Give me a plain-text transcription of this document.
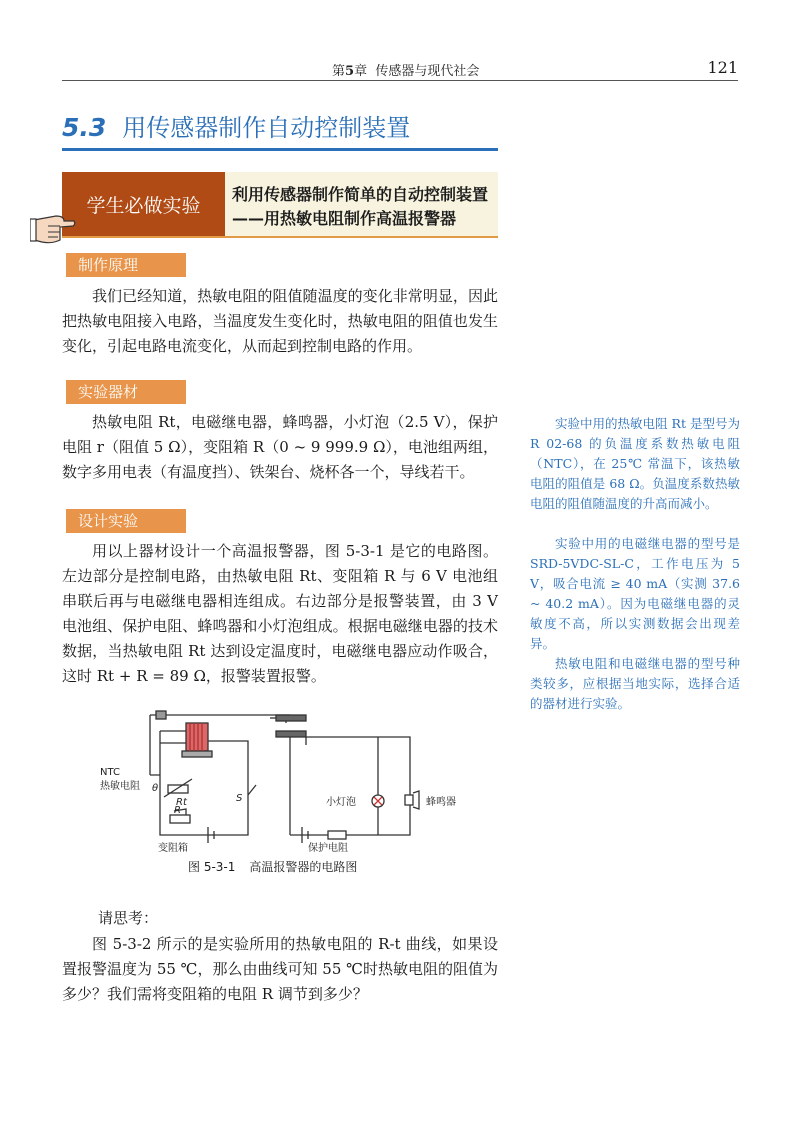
第5章 传感器与现代社会	121
5.3 用传感器制作自动控制装置
学生必做实验	利用传感器制作简单的自动控制装置
——用热敏电阻制作高温报警器
制作原理

我们已经知道，热敏电阻的阻值随温度的变化非常明显，因此把热敏电阻接入电路，当温度发生变化时，热敏电阻的阻值也发生变化，引起电路电流变化，从而起到控制电路的作用。

实验器材

热敏电阻 Rt，电磁继电器，蜂鸣器，小灯泡（2.5 V），保护电阻 r（阻值 5 Ω），变阻箱 R（0 ~ 9 999.9 Ω），电池组两组，数字多用电表（有温度挡）、铁架台、烧杯各一个，导线若干。

设计实验

用以上器材设计一个高温报警器，图 5-3-1 是它的电路图。左边部分是控制电路，由热敏电阻 Rt、变阻箱 R 与 6 V 电池组串联后再与电磁继电器相连组成。右边部分是报警装置，由 3 V 电池组、保护电阻、蜂鸣器和小灯泡组成。根据电磁继电器的技术数据，当热敏电阻 Rt 达到设定温度时，电磁继电器应动作吸合，这时 Rt + R = 89 Ω，报警装置报警。

实验中用的热敏电阻 Rt 是型号为 R 02-68 的负温度系数热敏电阻（NTC），在 25℃ 常温下，该热敏电阻的阻值是 68 Ω。负温度系数热敏电阻的阻值随温度的升高而减小。

实验中用的电磁继电器的型号是 SRD-5VDC-SL-C，工作电压为 5 V，吸合电流 ≥ 40 mA（实测 37.6 ~ 40.2 mA）。因为电磁继电器的灵敏度不高，所以实测数据会出现差异。

热敏电阻和电磁继电器的型号种类较多，应根据当地实际，选择合适的器材进行实验。

NTC
热敏电阻 θ
Rt
R
变阻箱
S	小灯泡	蜂鸣器
保护电阻
图 5-3-1 高温报警器的电路图
请思考：

图 5-3-2 所示的是实验所用的热敏电阻的 R-t 曲线，如果设置报警温度为 55 ℃，那么由曲线可知 55 ℃时热敏电阻的阻值为多少？我们需将变阻箱的电阻 R 调节到多少？
